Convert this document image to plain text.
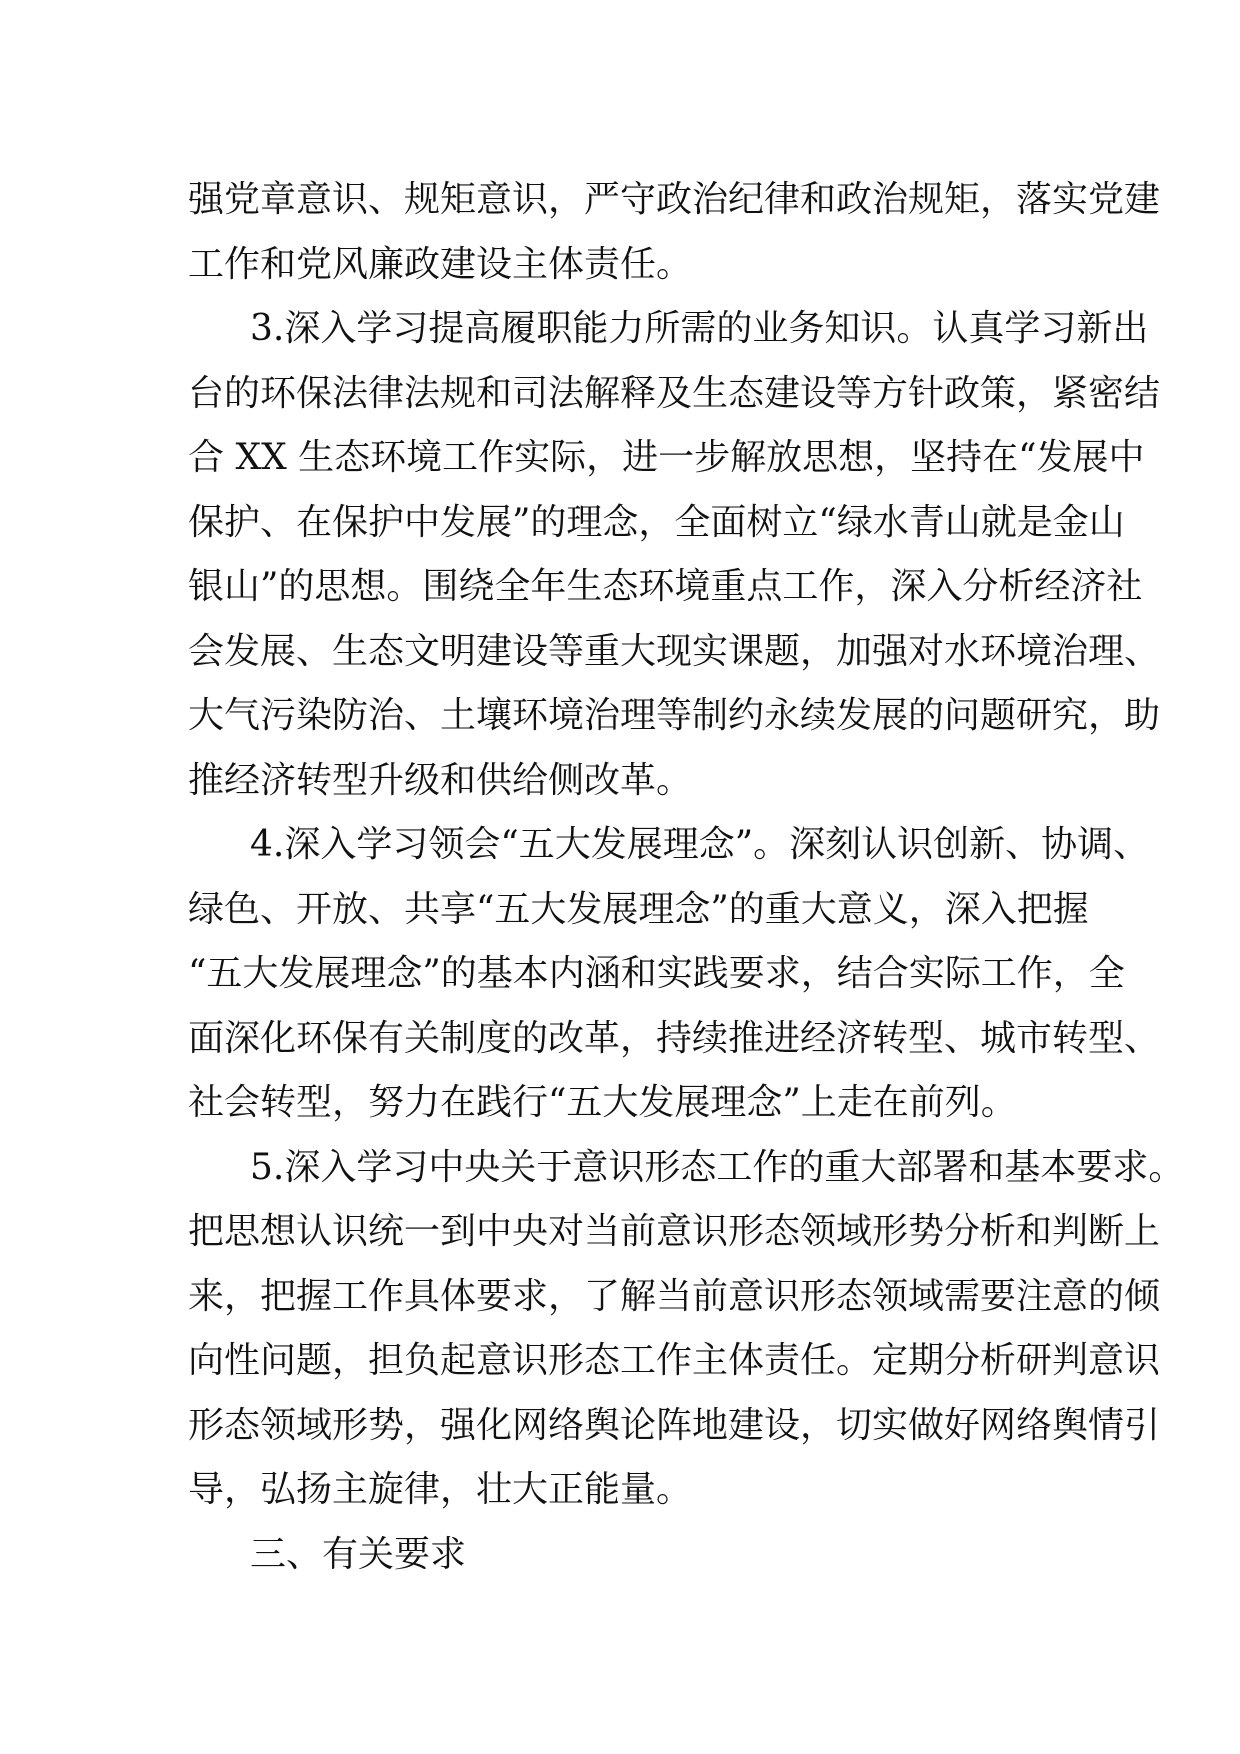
强党章意识、规矩意识，严守政治纪律和政治规矩，落实党建
工作和党风廉政建设主体责任。
3.深入学习提高履职能力所需的业务知识。认真学习新出
台的环保法律法规和司法解释及生态建设等方针政策，紧密结
合 XX 生态环境工作实际，进一步解放思想，坚持在“发展中
保护、在保护中发展”的理念，全面树立“绿水青山就是金山
银山”的思想。围绕全年生态环境重点工作，深入分析经济社
会发展、生态文明建设等重大现实课题，加强对水环境治理、
大气污染防治、土壤环境治理等制约永续发展的问题研究，助
推经济转型升级和供给侧改革。
4.深入学习领会“五大发展理念”。深刻认识创新、协调、
绿色、开放、共享“五大发展理念”的重大意义，深入把握
“五大发展理念”的基本内涵和实践要求，结合实际工作，全
面深化环保有关制度的改革，持续推进经济转型、城市转型、
社会转型，努力在践行“五大发展理念”上走在前列。
5.深入学习中央关于意识形态工作的重大部署和基本要求。
把思想认识统一到中央对当前意识形态领域形势分析和判断上
来，把握工作具体要求，了解当前意识形态领域需要注意的倾
向性问题，担负起意识形态工作主体责任。定期分析研判意识
形态领域形势，强化网络舆论阵地建设，切实做好网络舆情引
导，弘扬主旋律，壮大正能量。
三、有关要求
